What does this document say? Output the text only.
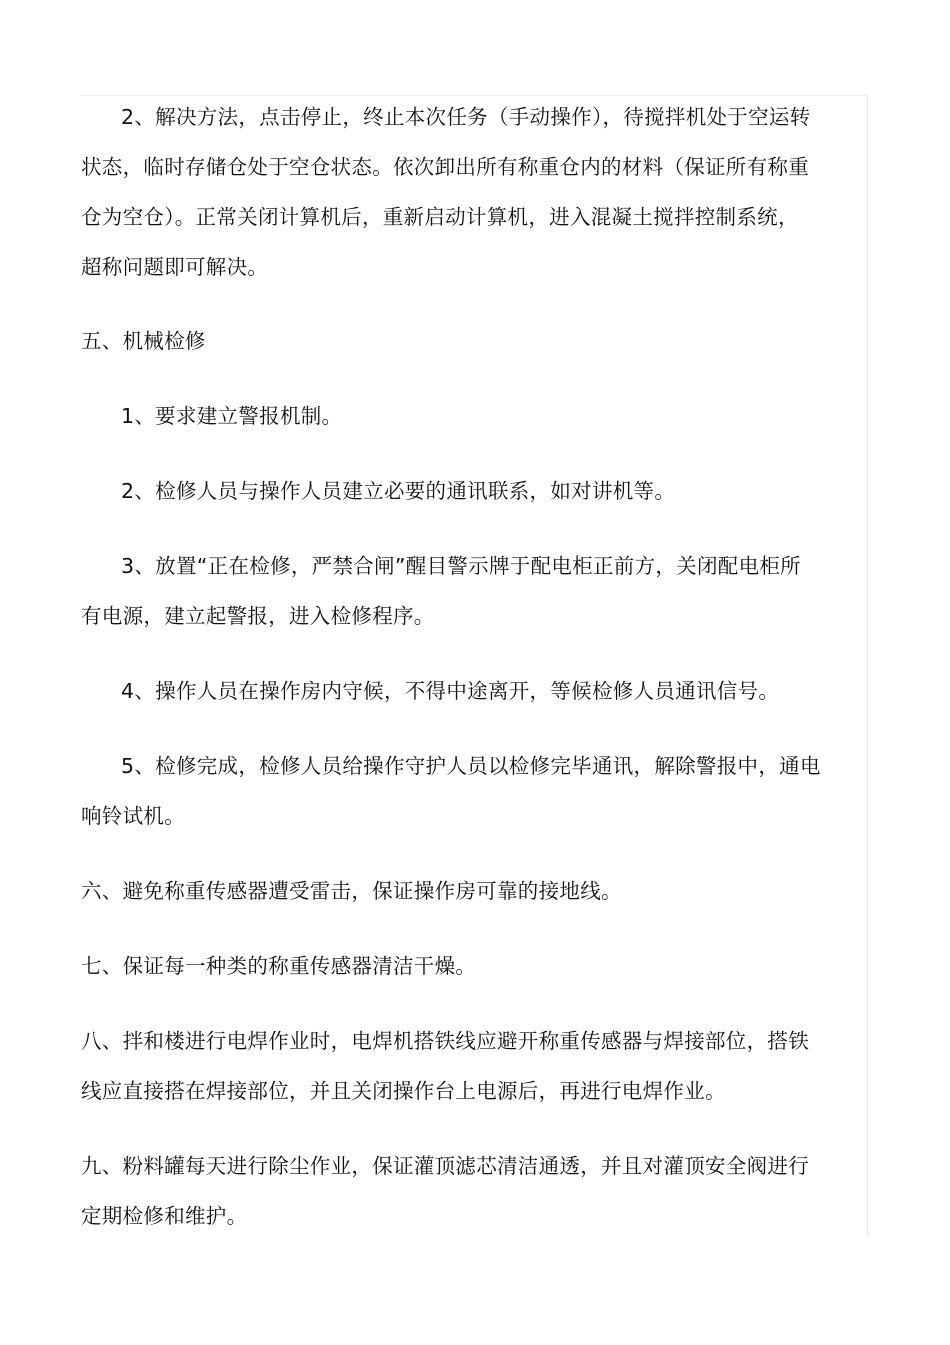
2、解决方法，点击停止，终止本次任务（手动操作），待搅拌机处于空运转
状态，临时存储仓处于空仓状态。依次卸出所有称重仓内的材料（保证所有称重
仓为空仓）。正常关闭计算机后，重新启动计算机，进入混凝土搅拌控制系统，
超称问题即可解决。
五、机械检修
1、要求建立警报机制。
2、检修人员与操作人员建立必要的通讯联系，如对讲机等。
3、放置“正在检修，严禁合闸”醒目警示牌于配电柜正前方，关闭配电柜所
有电源，建立起警报，进入检修程序。
4、操作人员在操作房内守候，不得中途离开，等候检修人员通讯信号。
5、检修完成，检修人员给操作守护人员以检修完毕通讯，解除警报中，通电
响铃试机。
六、避免称重传感器遭受雷击，保证操作房可靠的接地线。
七、保证每一种类的称重传感器清洁干燥。
八、拌和楼进行电焊作业时，电焊机搭铁线应避开称重传感器与焊接部位，搭铁
线应直接搭在焊接部位，并且关闭操作台上电源后，再进行电焊作业。
九、粉料罐每天进行除尘作业，保证灌顶滤芯清洁通透，并且对灌顶安全阀进行
定期检修和维护。
